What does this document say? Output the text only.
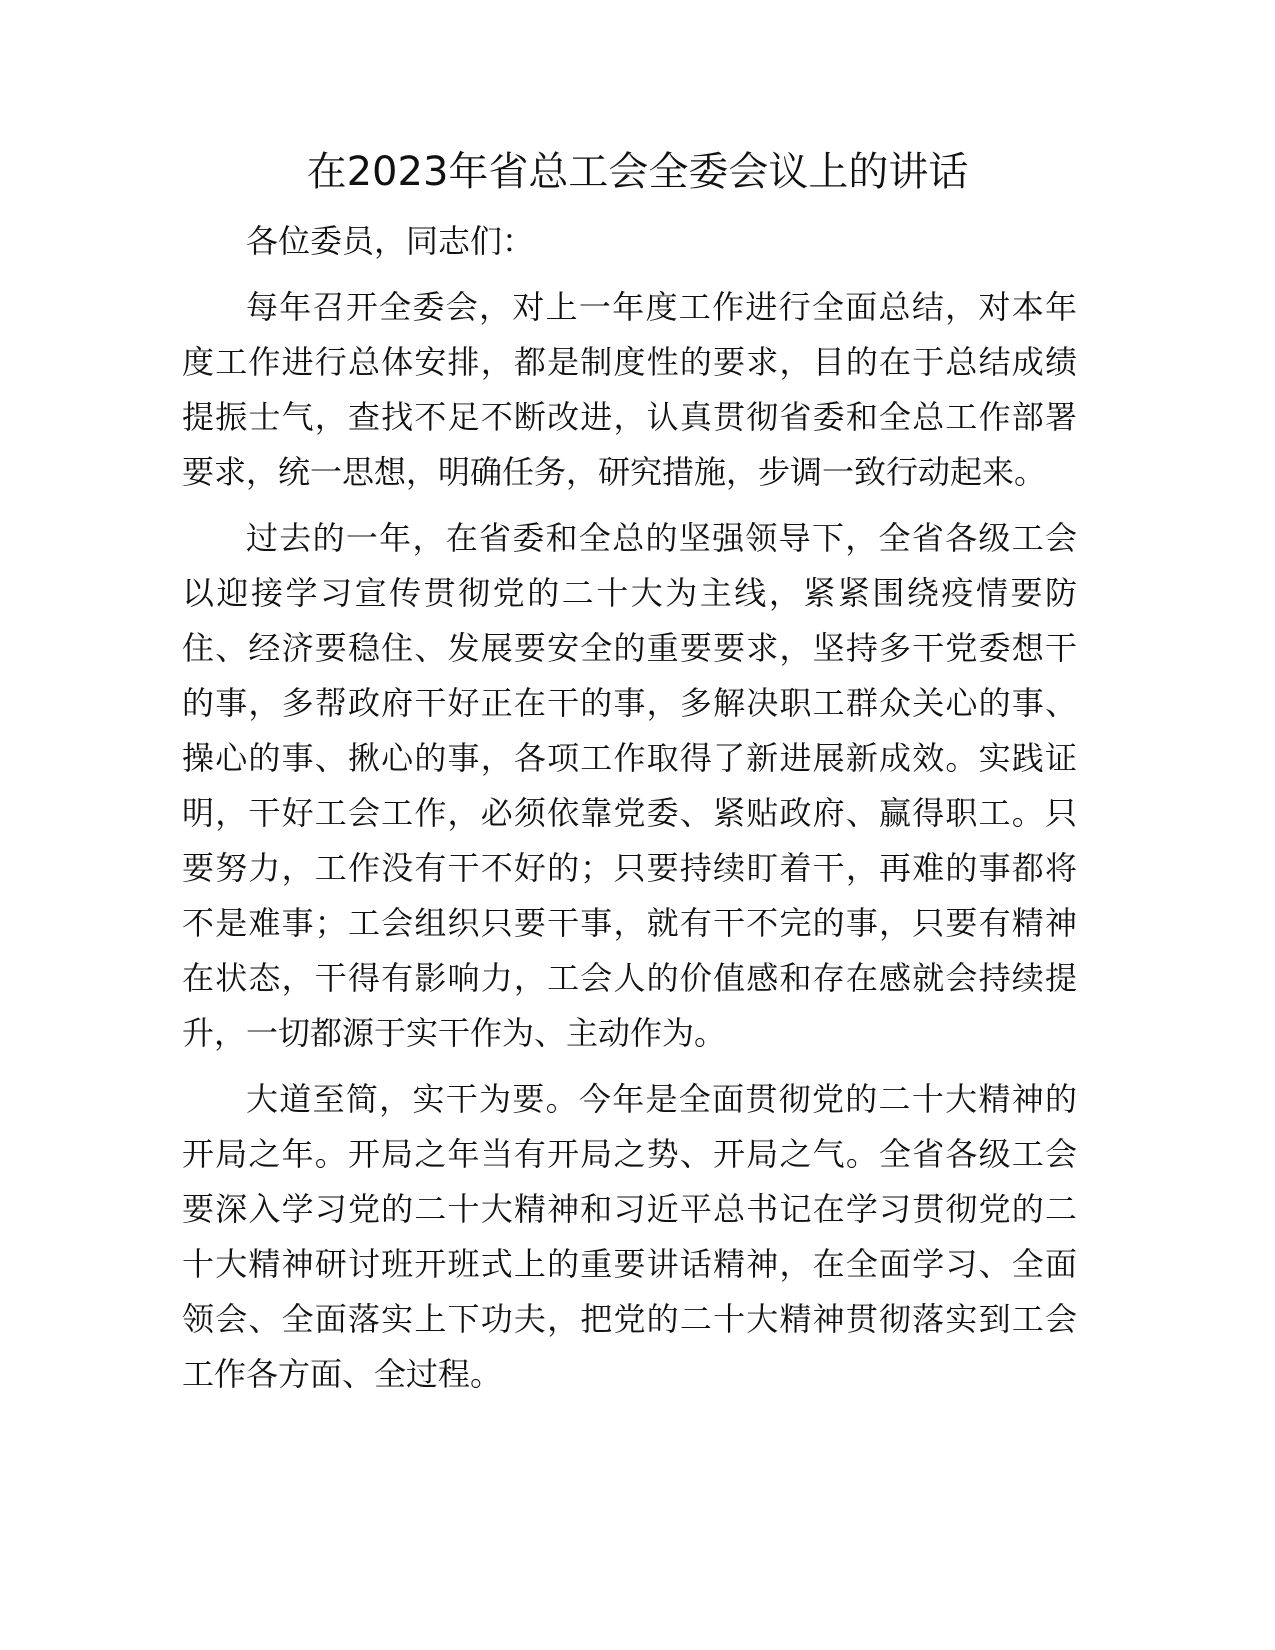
在2023年省总工会全委会议上的讲话

各位委员，同志们：

每年召开全委会，对上一年度工作进行全面总结，对本年度工作进行总体安排，都是制度性的要求，目的在于总结成绩提振士气，查找不足不断改进，认真贯彻省委和全总工作部署要求，统一思想，明确任务，研究措施，步调一致行动起来。

过去的一年，在省委和全总的坚强领导下，全省各级工会以迎接学习宣传贯彻党的二十大为主线，紧紧围绕疫情要防住、经济要稳住、发展要安全的重要要求，坚持多干党委想干的事，多帮政府干好正在干的事，多解决职工群众关心的事、操心的事、揪心的事，各项工作取得了新进展新成效。实践证明，干好工会工作，必须依靠党委、紧贴政府、赢得职工。只要努力，工作没有干不好的；只要持续盯着干，再难的事都将不是难事；工会组织只要干事，就有干不完的事，只要有精神在状态，干得有影响力，工会人的价值感和存在感就会持续提升，一切都源于实干作为、主动作为。

大道至简，实干为要。今年是全面贯彻党的二十大精神的开局之年。开局之年当有开局之势、开局之气。全省各级工会要深入学习党的二十大精神和习近平总书记在学习贯彻党的二十大精神研讨班开班式上的重要讲话精神，在全面学习、全面领会、全面落实上下功夫，把党的二十大精神贯彻落实到工会工作各方面、全过程。
